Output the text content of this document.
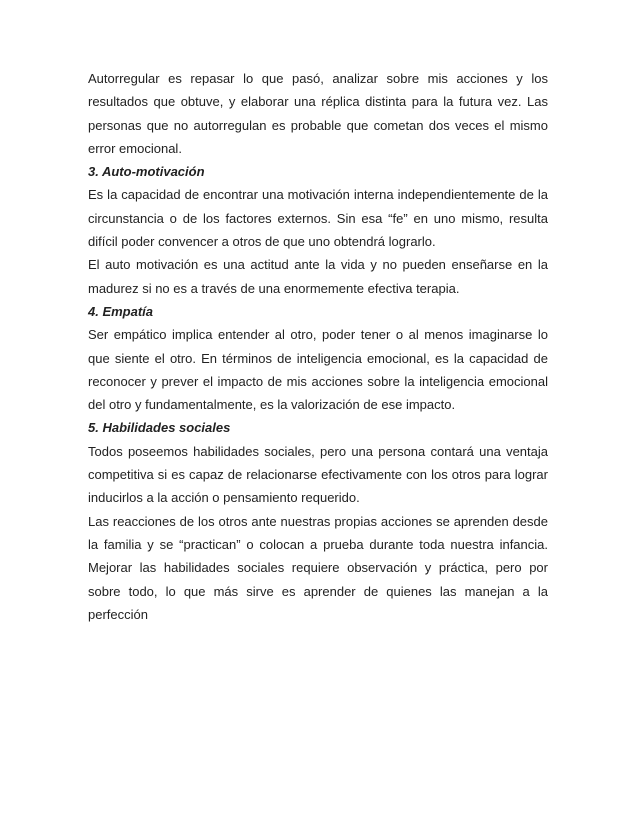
Autorregular es repasar lo que pasó, analizar sobre mis acciones y los resultados que obtuve, y elaborar una réplica distinta para la futura vez. Las personas que no autorregulan es probable que cometan dos veces el mismo error emocional.

3. Auto-motivación

Es la capacidad de encontrar una motivación interna independientemente de la circunstancia o de los factores externos. Sin esa “fe” en uno mismo, resulta difícil poder convencer a otros de que uno obtendrá lograrlo.

El auto motivación es una actitud ante la vida y no pueden enseñarse en la madurez si no es a través de una enormemente efectiva terapia.

4. Empatía

Ser empático implica entender al otro, poder tener o al menos imaginarse lo que siente el otro. En términos de inteligencia emocional, es la capacidad de reconocer y prever el impacto de mis acciones sobre la inteligencia emocional del otro y fundamentalmente, es la valorización de ese impacto.

5. Habilidades sociales

Todos poseemos habilidades sociales, pero una persona contará una ventaja competitiva si es capaz de relacionarse efectivamente con los otros para lograr inducirlos a la acción o pensamiento requerido.

Las reacciones de los otros ante nuestras propias acciones se aprenden desde la familia y se “practican” o colocan a prueba durante toda nuestra infancia. Mejorar las habilidades sociales requiere observación y práctica, pero por sobre todo, lo que más sirve es aprender de quienes las manejan a la perfección
